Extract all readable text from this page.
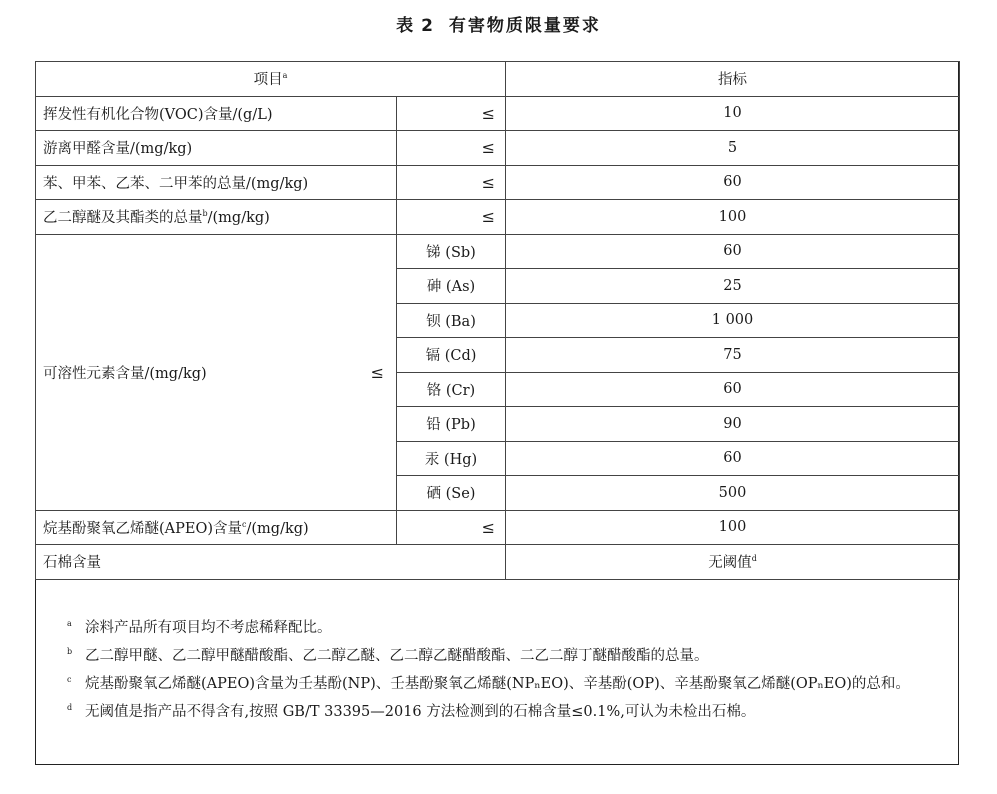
表 2 有害物质限量要求
项目$^a$		指标
挥发性有机化合物(VOC)含量/(g/L)	≤	10
游离甲醛含量/(mg/kg)	≤	5
苯、甲苯、乙苯、二甲苯的总量/(mg/kg)	≤	60
乙二醇醚及其酯类的总量$^b$/(mg/kg)	≤	100

可溶性元素含量/(mg/kg) ≤	锑 (Sb)	60
	砷 (As)	25
	钡 (Ba)	1 000
	镉 (Cd)	75
	铬 (Cr)	60
	铅 (Pb)	90
	汞 (Hg)	60
	硒 (Se)	500
烷基酚聚氧乙烯醚(APEO)含量$^c$/(mg/kg)	≤	100
石棉含量		无阈值$^d$
a 涂料产品所有项目均不考虑稀释配比。
b 乙二醇甲醚、乙二醇甲醚醋酸酯、乙二醇乙醚、乙二醇乙醚醋酸酯、二乙二醇丁醚醋酸酯的总量。
c 烷基酚聚氧乙烯醚(APEO)含量为壬基酚(NP)、壬基酚聚氧乙烯醚(NPₙEO)、辛基酚(OP)、辛基酚聚氧乙烯醚(OPₙEO)的总和。
d 无阈值是指产品不得含有,按照 GB/T 33395—2016 方法检测到的石棉含量≤0.1%,可认为未检出石棉。
